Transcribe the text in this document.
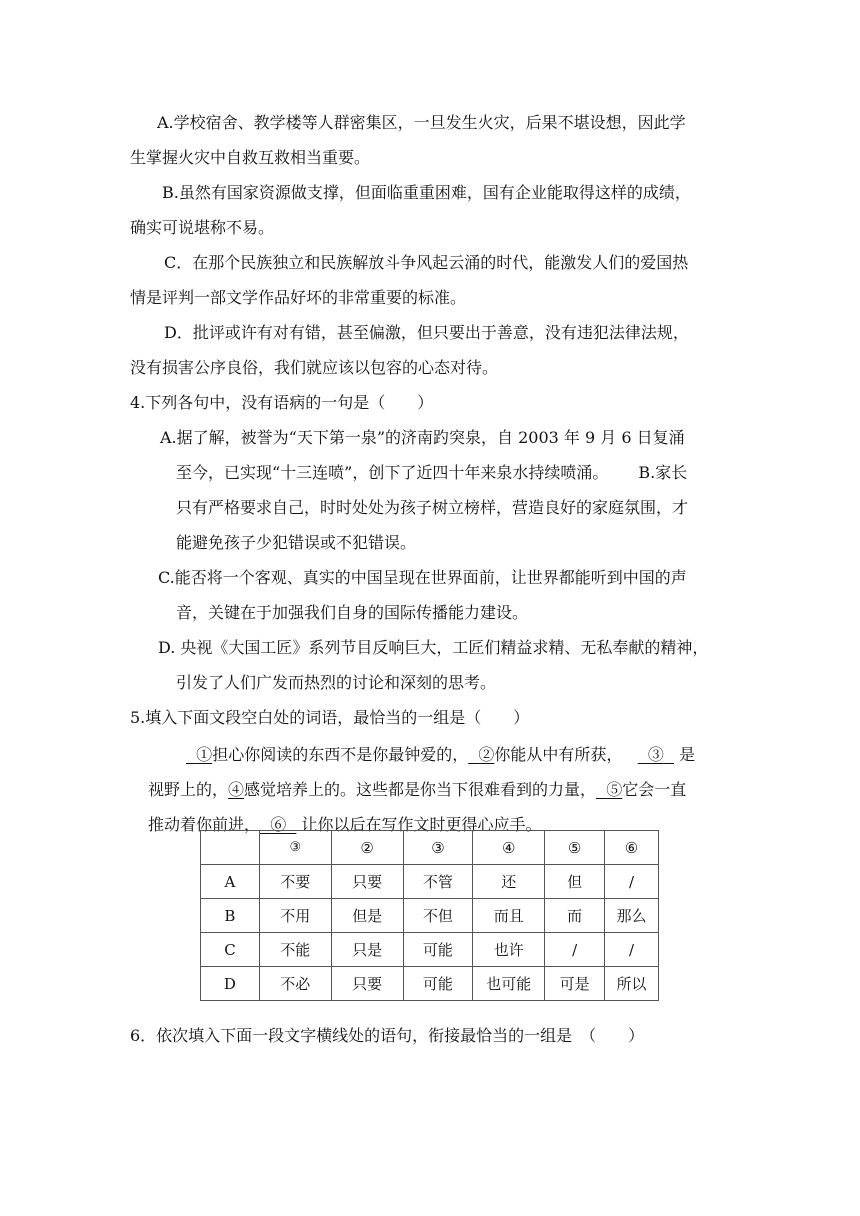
A.学校宿舍、教学楼等人群密集区，一旦发生火灾，后果不堪设想，因此学
生掌握火灾中自救互救相当重要。
B.虽然有国家资源做支撑，但面临重重困难，国有企业能取得这样的成绩，
确实可说堪称不易。
C．在那个民族独立和民族解放斗争风起云涌的时代，能激发人们的爱国热
情是评判一部文学作品好坏的非常重要的标准。
D．批评或许有对有错，甚至偏激，但只要出于善意，没有违犯法律法规，
没有损害公序良俗，我们就应该以包容的心态对待。
4.下列各句中，没有语病的一句是（　　）
A.据了解，被誉为“天下第一泉”的济南趵突泉，自 2003 年 9 月 6 日复涌
至今，已实现“十三连喷”，创下了近四十年来泉水持续喷涌。 B.家长
只有严格要求自己，时时处处为孩子树立榜样，营造良好的家庭氛围，才
能避免孩子少犯错误或不犯错误。
C.能否将一个客观、真实的中国呈现在世界面前，让世界都能听到中国的声
音，关键在于加强我们自身的国际传播能力建设。
D. 央视《大国工匠》系列节目反响巨大，工匠们精益求精、无私奉献的精神，
引发了人们广发而热烈的讨论和深刻的思考。
5.填入下面文段空白处的词语，最恰当的一组是（　　）
①担心你阅读的东西不是你最钟爱的， ②你能从中有所获， ③ 是
视野上的，④感觉培养上的。这些都是你当下很难看到的力量， ⑤它会一直
推动着你前进， ⑥ 让你以后在写作文时更得心应手。
	③	②	③	④	⑤	⑥
A	不要	只要	不管	还	但	/
B	不用	但是	不但	而且	而	那么
C	不能	只是	可能	也许	/	/
D	不必	只要	可能	也可能	可是	所以
6．依次填入下面一段文字横线处的语句，衔接最恰当的一组是　（　　）
